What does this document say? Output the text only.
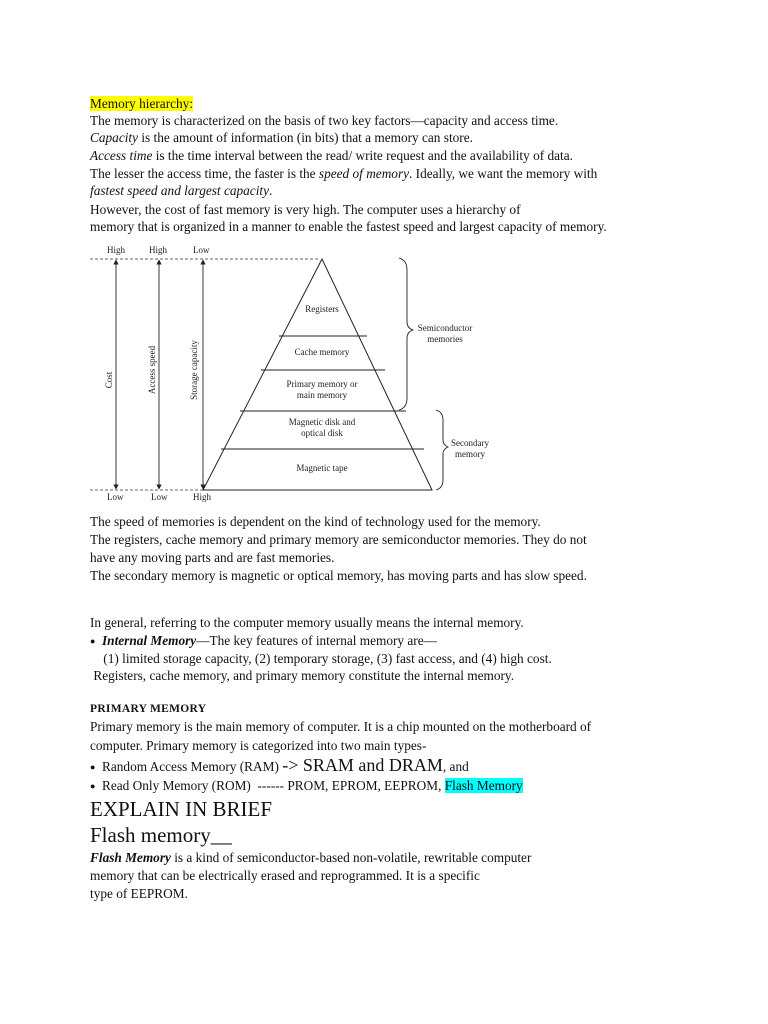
Memory hierarchy:
The memory is characterized on the basis of two key factors—capacity and access time.
Capacity is the amount of information (in bits) that a memory can store.
Access time is the time interval between the read/ write request and the availability of data.
The lesser the access time, the faster is the speed of memory. Ideally, we want the memory with
fastest speed and largest capacity.
However, the cost of fast memory is very high. The computer uses a hierarchy of
memory that is organized in a manner to enable the fastest speed and largest capacity of memory.
High	High	Low
Low	Low	High
Cost	Access speed	Storage capacity
Registers
Cache memory
Primary memory or
main memory
Magnetic disk and
optical disk
Magnetic tape
Semiconductor
memories
Secondary
memory
The speed of memories is dependent on the kind of technology used for the memory.
The registers, cache memory and primary memory are semiconductor memories. They do not
have any moving parts and are fast memories.
The secondary memory is magnetic or optical memory, has moving parts and has slow speed.
In general, referring to the computer memory usually means the internal memory.
● Internal Memory—The key features of internal memory are—
(1) limited storage capacity, (2) temporary storage, (3) fast access, and (4) high cost.
Registers, cache memory, and primary memory constitute the internal memory.
PRIMARY MEMORY
Primary memory is the main memory of computer. It is a chip mounted on the motherboard of
computer. Primary memory is categorized into two main types-
● Random Access Memory (RAM) -> SRAM and DRAM, and
● Read Only Memory (ROM)  ------ PROM, EPROM, EEPROM, Flash Memory
EXPLAIN IN BRIEF
Flash memory__
Flash Memory is a kind of semiconductor-based non-volatile, rewritable computer
memory that can be electrically erased and reprogrammed. It is a specific
type of EEPROM.
